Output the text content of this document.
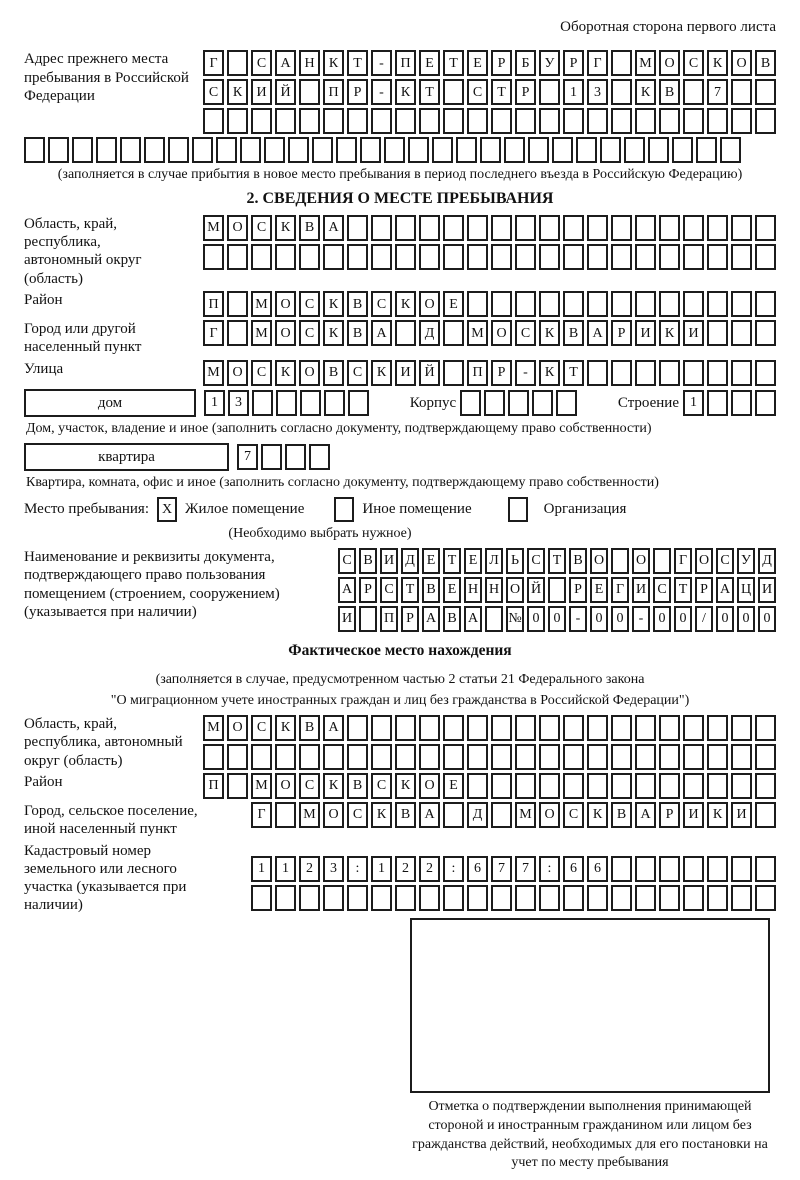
Оборотная сторона первого листа
Адрес прежнего места пребывания в Российской Федерации
Г	С	А Н	К	Т	-	П	Е	Т	Е	Р	Б	У	Р	Г	М О	С	К	О	В
С	К	И Й	П	Р	-	К	Т	С	Т	Р	1	3	К	В	7
(заполняется в случае прибытия в новое место пребывания в период последнего въезда в Российскую Федерацию)
2. СВЕДЕНИЯ О МЕСТЕ ПРЕБЫВАНИЯ
Область, край, республика, автономный округ (область)
М О	С	К	В	А
Район	П	М О	С	К	В	С	К	О	Е
Город или другой населенный пункт
Г	М О	С	К	В	А	Д	М О	С	К	В	А	Р	И	К	И
Улица	М О	С	К	О	В	С	К	И Й	П	Р	-	К	Т
дом	1	3	Корпус	Строение 1
Дом, участок, владение и иное (заполнить согласно документу, подтверждающему право собственности)
квартира	7
Квартира, комната, офис и иное (заполнить согласно документу, подтверждающему право собственности)
Место пребывания: X Жилое помещение	Иное помещение	Организация
(Необходимо выбрать нужное)
Наименование и реквизиты документа, подтверждающего право пользования помещением (строением, сооружением) (указывается при наличии)
С В И Д Е Т Е Л Ь С Т В О О	Г О С У Д
А Р С Т В Е Н Н О Й	Р Е Г И С Т Р А Ц И
И П Р А В А № 0	0	-	0	0	-	0	0	/	0	0	0
Фактическое место нахождения
(заполняется в случае, предусмотренном частью 2 статьи 21 Федерального закона
"О миграционном учете иностранных граждан и лиц без гражданства в Российской Федерации")
Область, край, республика, автономный округ (область)
М О	С	К	В	А
Район	П	М О	С	К	В	С	К	О	Е
Город, сельское поселение, иной населенный пункт
Г	М О	С	К	В	А	Д	М О	С	К	В	А	Р	И	К	И
Кадастровый номер земельного или лесного участка (указывается при наличии)
1	1	2	3	:	1	2	2	:	6	7	7	:	6	6
Отметка о подтверждении выполнения принимающей стороной и иностранным гражданином или лицом без гражданства действий, необходимых для его постановки на учет по месту пребывания
